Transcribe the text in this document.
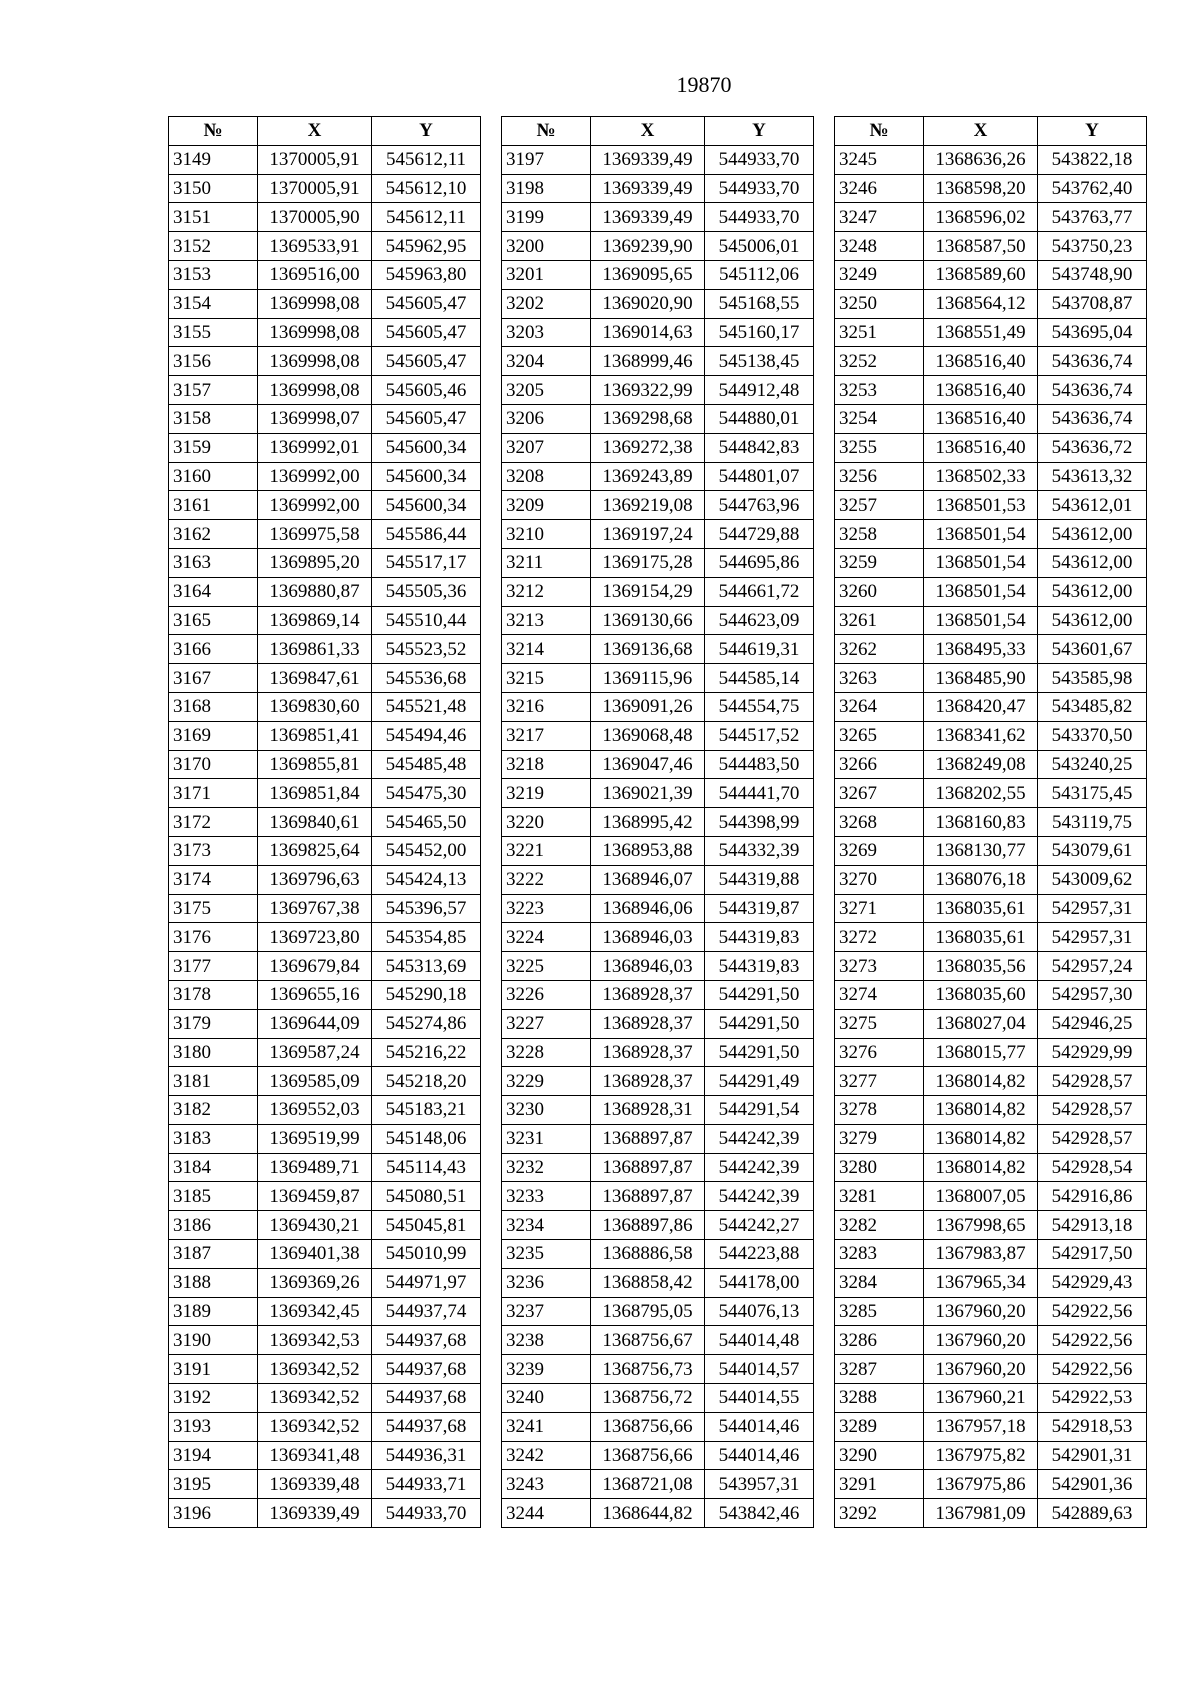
19870
№	X	Y
3149	1370005,91	545612,11
3150	1370005,91	545612,10
3151	1370005,90	545612,11
3152	1369533,91	545962,95
3153	1369516,00	545963,80
3154	1369998,08	545605,47
3155	1369998,08	545605,47
3156	1369998,08	545605,47
3157	1369998,08	545605,46
3158	1369998,07	545605,47
3159	1369992,01	545600,34
3160	1369992,00	545600,34
3161	1369992,00	545600,34
3162	1369975,58	545586,44
3163	1369895,20	545517,17
3164	1369880,87	545505,36
3165	1369869,14	545510,44
3166	1369861,33	545523,52
3167	1369847,61	545536,68
3168	1369830,60	545521,48
3169	1369851,41	545494,46
3170	1369855,81	545485,48
3171	1369851,84	545475,30
3172	1369840,61	545465,50
3173	1369825,64	545452,00
3174	1369796,63	545424,13
3175	1369767,38	545396,57
3176	1369723,80	545354,85
3177	1369679,84	545313,69
3178	1369655,16	545290,18
3179	1369644,09	545274,86
3180	1369587,24	545216,22
3181	1369585,09	545218,20
3182	1369552,03	545183,21
3183	1369519,99	545148,06
3184	1369489,71	545114,43
3185	1369459,87	545080,51
3186	1369430,21	545045,81
3187	1369401,38	545010,99
3188	1369369,26	544971,97
3189	1369342,45	544937,74
3190	1369342,53	544937,68
3191	1369342,52	544937,68
3192	1369342,52	544937,68
3193	1369342,52	544937,68
3194	1369341,48	544936,31
3195	1369339,48	544933,71
3196	1369339,49	544933,70
№	X	Y
3197	1369339,49	544933,70
3198	1369339,49	544933,70
3199	1369339,49	544933,70
3200	1369239,90	545006,01
3201	1369095,65	545112,06
3202	1369020,90	545168,55
3203	1369014,63	545160,17
3204	1368999,46	545138,45
3205	1369322,99	544912,48
3206	1369298,68	544880,01
3207	1369272,38	544842,83
3208	1369243,89	544801,07
3209	1369219,08	544763,96
3210	1369197,24	544729,88
3211	1369175,28	544695,86
3212	1369154,29	544661,72
3213	1369130,66	544623,09
3214	1369136,68	544619,31
3215	1369115,96	544585,14
3216	1369091,26	544554,75
3217	1369068,48	544517,52
3218	1369047,46	544483,50
3219	1369021,39	544441,70
3220	1368995,42	544398,99
3221	1368953,88	544332,39
3222	1368946,07	544319,88
3223	1368946,06	544319,87
3224	1368946,03	544319,83
3225	1368946,03	544319,83
3226	1368928,37	544291,50
3227	1368928,37	544291,50
3228	1368928,37	544291,50
3229	1368928,37	544291,49
3230	1368928,31	544291,54
3231	1368897,87	544242,39
3232	1368897,87	544242,39
3233	1368897,87	544242,39
3234	1368897,86	544242,27
3235	1368886,58	544223,88
3236	1368858,42	544178,00
3237	1368795,05	544076,13
3238	1368756,67	544014,48
3239	1368756,73	544014,57
3240	1368756,72	544014,55
3241	1368756,66	544014,46
3242	1368756,66	544014,46
3243	1368721,08	543957,31
3244	1368644,82	543842,46
№	X	Y
3245	1368636,26	543822,18
3246	1368598,20	543762,40
3247	1368596,02	543763,77
3248	1368587,50	543750,23
3249	1368589,60	543748,90
3250	1368564,12	543708,87
3251	1368551,49	543695,04
3252	1368516,40	543636,74
3253	1368516,40	543636,74
3254	1368516,40	543636,74
3255	1368516,40	543636,72
3256	1368502,33	543613,32
3257	1368501,53	543612,01
3258	1368501,54	543612,00
3259	1368501,54	543612,00
3260	1368501,54	543612,00
3261	1368501,54	543612,00
3262	1368495,33	543601,67
3263	1368485,90	543585,98
3264	1368420,47	543485,82
3265	1368341,62	543370,50
3266	1368249,08	543240,25
3267	1368202,55	543175,45
3268	1368160,83	543119,75
3269	1368130,77	543079,61
3270	1368076,18	543009,62
3271	1368035,61	542957,31
3272	1368035,61	542957,31
3273	1368035,56	542957,24
3274	1368035,60	542957,30
3275	1368027,04	542946,25
3276	1368015,77	542929,99
3277	1368014,82	542928,57
3278	1368014,82	542928,57
3279	1368014,82	542928,57
3280	1368014,82	542928,54
3281	1368007,05	542916,86
3282	1367998,65	542913,18
3283	1367983,87	542917,50
3284	1367965,34	542929,43
3285	1367960,20	542922,56
3286	1367960,20	542922,56
3287	1367960,20	542922,56
3288	1367960,21	542922,53
3289	1367957,18	542918,53
3290	1367975,82	542901,31
3291	1367975,86	542901,36
3292	1367981,09	542889,63
